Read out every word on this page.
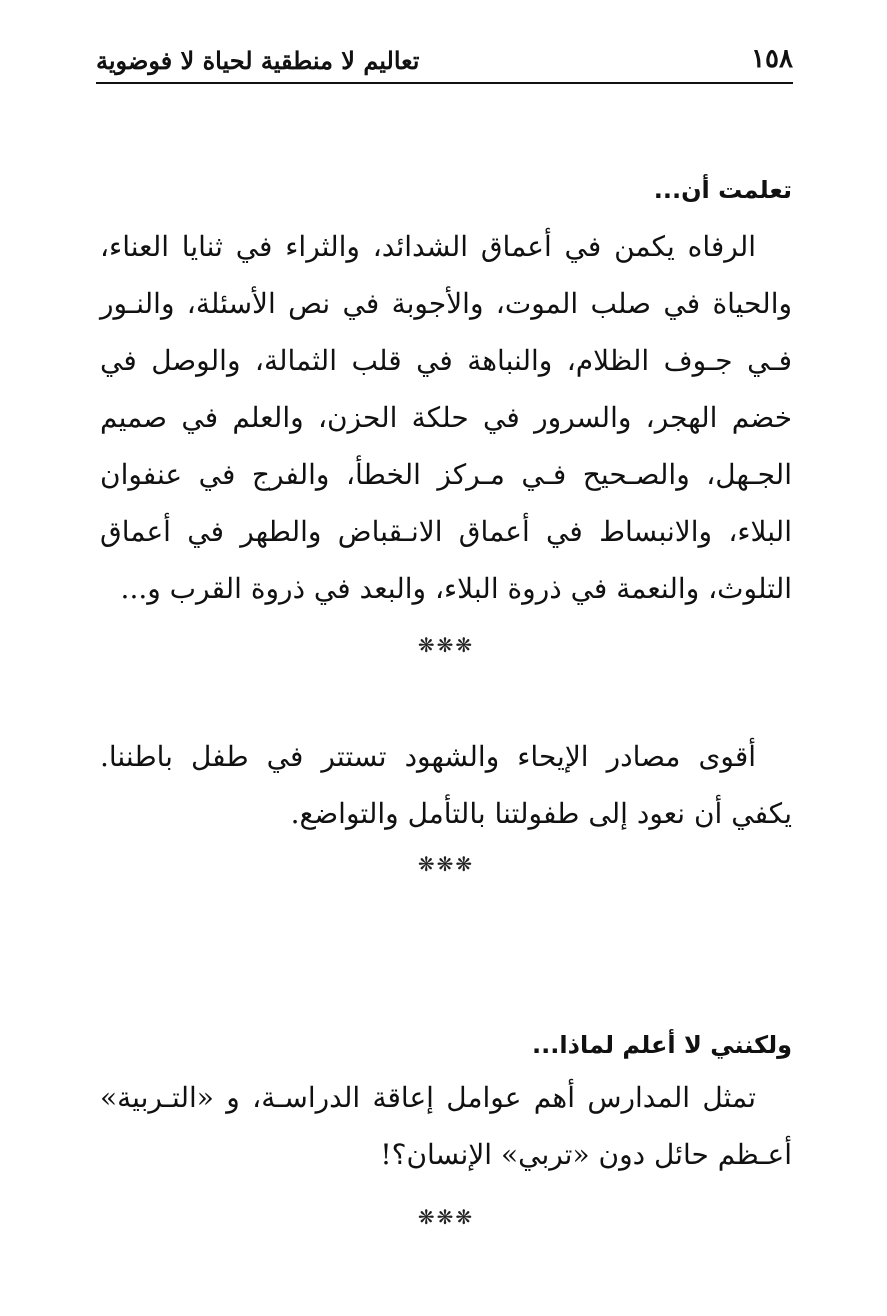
١٥٨
تعاليم لا منطقية لحياة لا فوضوية
تعلمت أن...

الرفاه يكمن في أعماق الشدائد، والثراء في ثنايا العناء، والحياة في صلب الموت، والأجوبة في نص الأسئلة، والنـور فـي جـوف الظلام، والنباهة في قلب الثمالة، والوصل في خضم الهجر، والسرور في حلكة الحزن، والعلم في صميم الجـهل، والصـحيح فـي مـركز الخطأ، والفرج في عنفوان البلاء، والانبساط في أعماق الانـقباض والطهر في أعماق التلوث، والنعمة في ذروة البلاء، والبعد في ذروة القرب و...

❋❋❋

أقوى مصادر الإيحاء والشهود تستتر في طفل باطننا. يكفي أن نعود إلى طفولتنا بالتأمل والتواضع.

❋❋❋

ولكنني لا أعلم لماذا...

تمثل المدارس أهم عوامل إعاقة الدراسـة، و «التـربية» أعـظم حائل دون «تربي» الإنسان؟!

❋❋❋
